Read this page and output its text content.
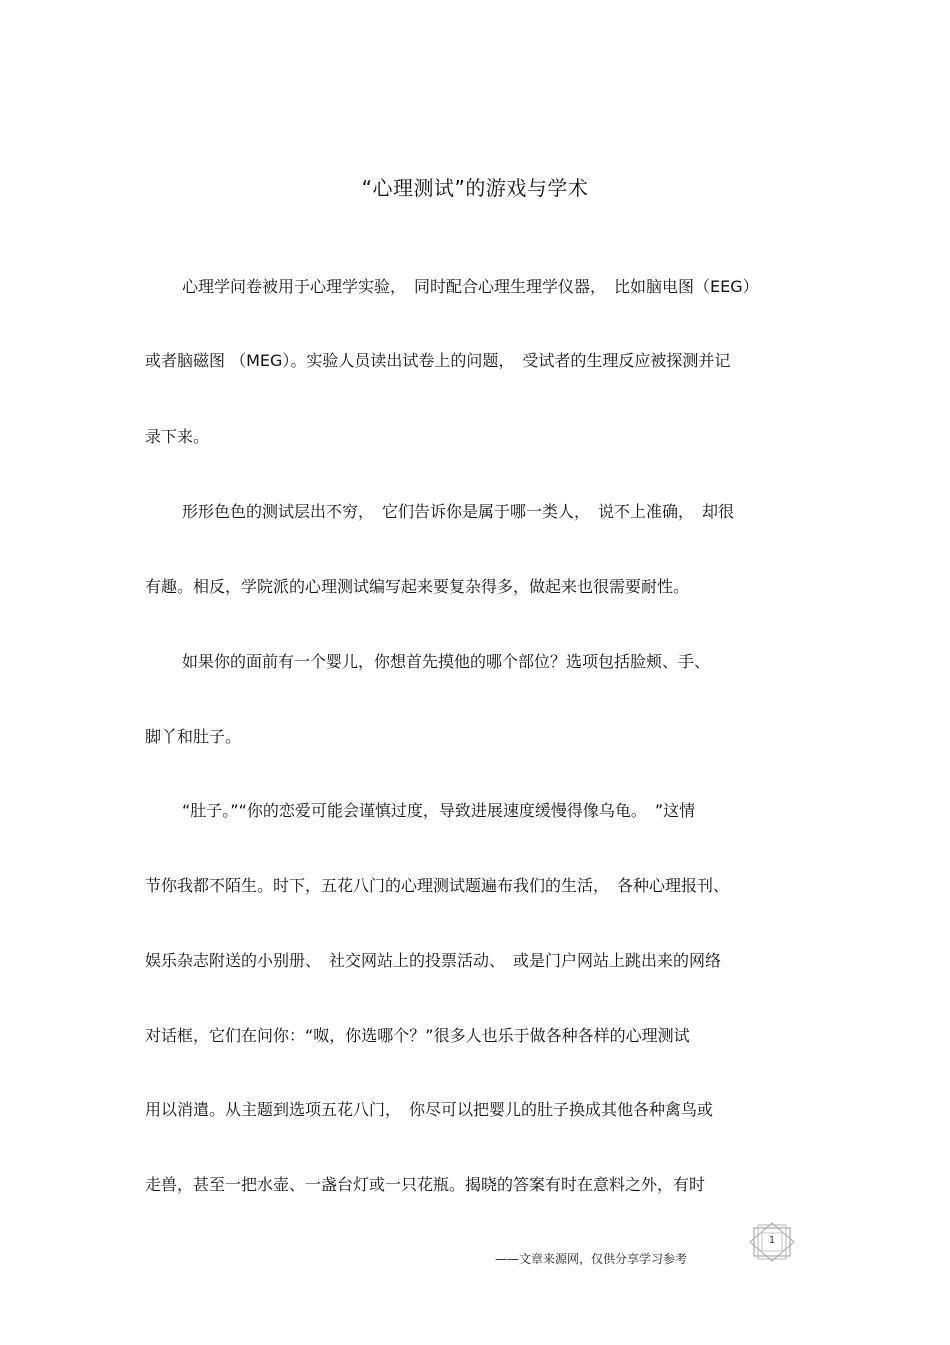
“心理测试”的游戏与学术
心理学问卷被用于心理学实验，　同时配合心理生理学仪器，　比如脑电图（EEG）
或者脑磁图 （MEG）。实验人员读出试卷上的问题，　受试者的生理反应被探测并记
录下来。
形形色色的测试层出不穷，　它们告诉你是属于哪一类人，　说不上准确，　却很
有趣。相反，学院派的心理测试编写起来要复杂得多，做起来也很需要耐性。
如果你的面前有一个婴儿，你想首先摸他的哪个部位？选项包括脸颊、手、
脚丫和肚子。
“肚子。”“你的恋爱可能会谨慎过度，导致进展速度缓慢得像乌龟。　”这情
节你我都不陌生。时下，五花八门的心理测试题遍布我们的生活，　各种心理报刊、
娱乐杂志附送的小别册、　社交网站上的投票活动、　或是门户网站上跳出来的网络
对话框，它们在问你：“呶，你选哪个？”很多人也乐于做各种各样的心理测试
用以消遣。从主题到选项五花八门，　你尽可以把婴儿的肚子换成其他各种禽鸟或
走兽，甚至一把水壶、一盏台灯或一只花瓶。揭晓的答案有时在意料之外，有时
——文章来源网，仅供分享学习参考
1
